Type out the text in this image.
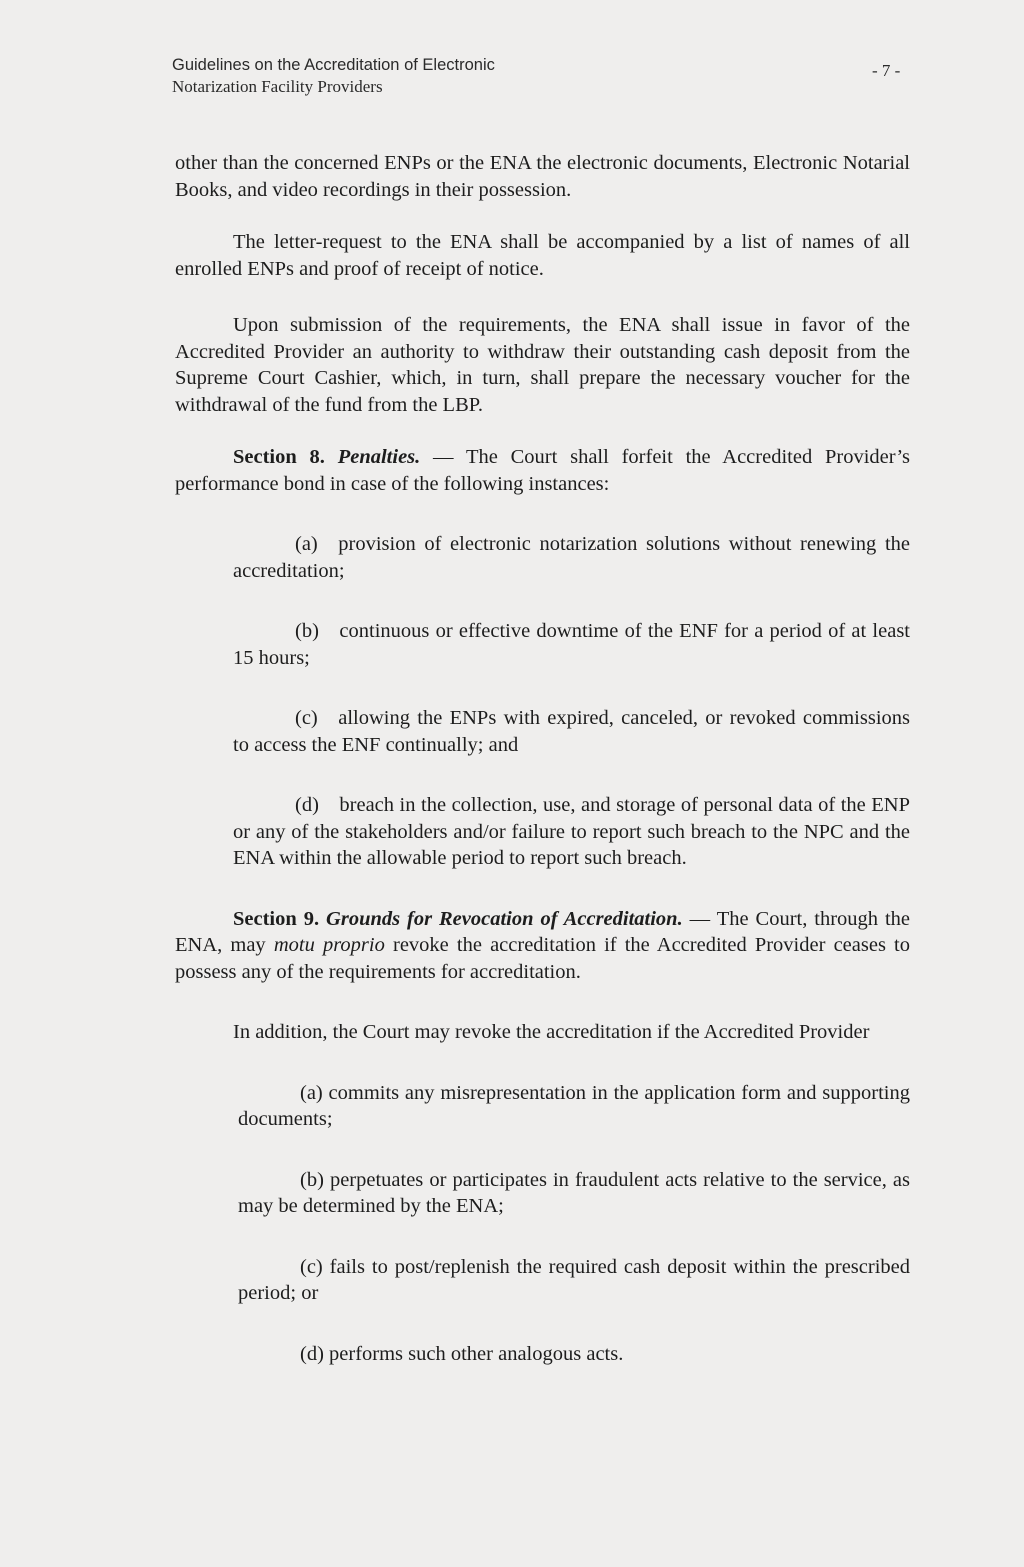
Guidelines on the Accreditation of Electronic
Notarization Facility Providers
- 7 -

other than the concerned ENPs or the ENA the electronic documents, Electronic Notarial Books, and video recordings in their possession.

The letter-request to the ENA shall be accompanied by a list of names of all enrolled ENPs and proof of receipt of notice.

Upon submission of the requirements, the ENA shall issue in favor of the Accredited Provider an authority to withdraw their outstanding cash deposit from the Supreme Court Cashier, which, in turn, shall prepare the necessary voucher for the withdrawal of the fund from the LBP.

Section 8. Penalties. — The Court shall forfeit the Accredited Provider’s performance bond in case of the following instances:

(a) provision of electronic notarization solutions without renewing the accreditation;

(b) continuous or effective downtime of the ENF for a period of at least 15 hours;

(c) allowing the ENPs with expired, canceled, or revoked commissions to access the ENF continually; and

(d) breach in the collection, use, and storage of personal data of the ENP or any of the stakeholders and/or failure to report such breach to the NPC and the ENA within the allowable period to report such breach.

Section 9. Grounds for Revocation of Accreditation. — The Court, through the ENA, may motu proprio revoke the accreditation if the Accredited Provider ceases to possess any of the requirements for accreditation.

In addition, the Court may revoke the accreditation if the Accredited Provider

(a) commits any misrepresentation in the application form and supporting documents;

(b) perpetuates or participates in fraudulent acts relative to the service, as may be determined by the ENA;

(c) fails to post/replenish the required cash deposit within the prescribed period; or

(d) performs such other analogous acts.
